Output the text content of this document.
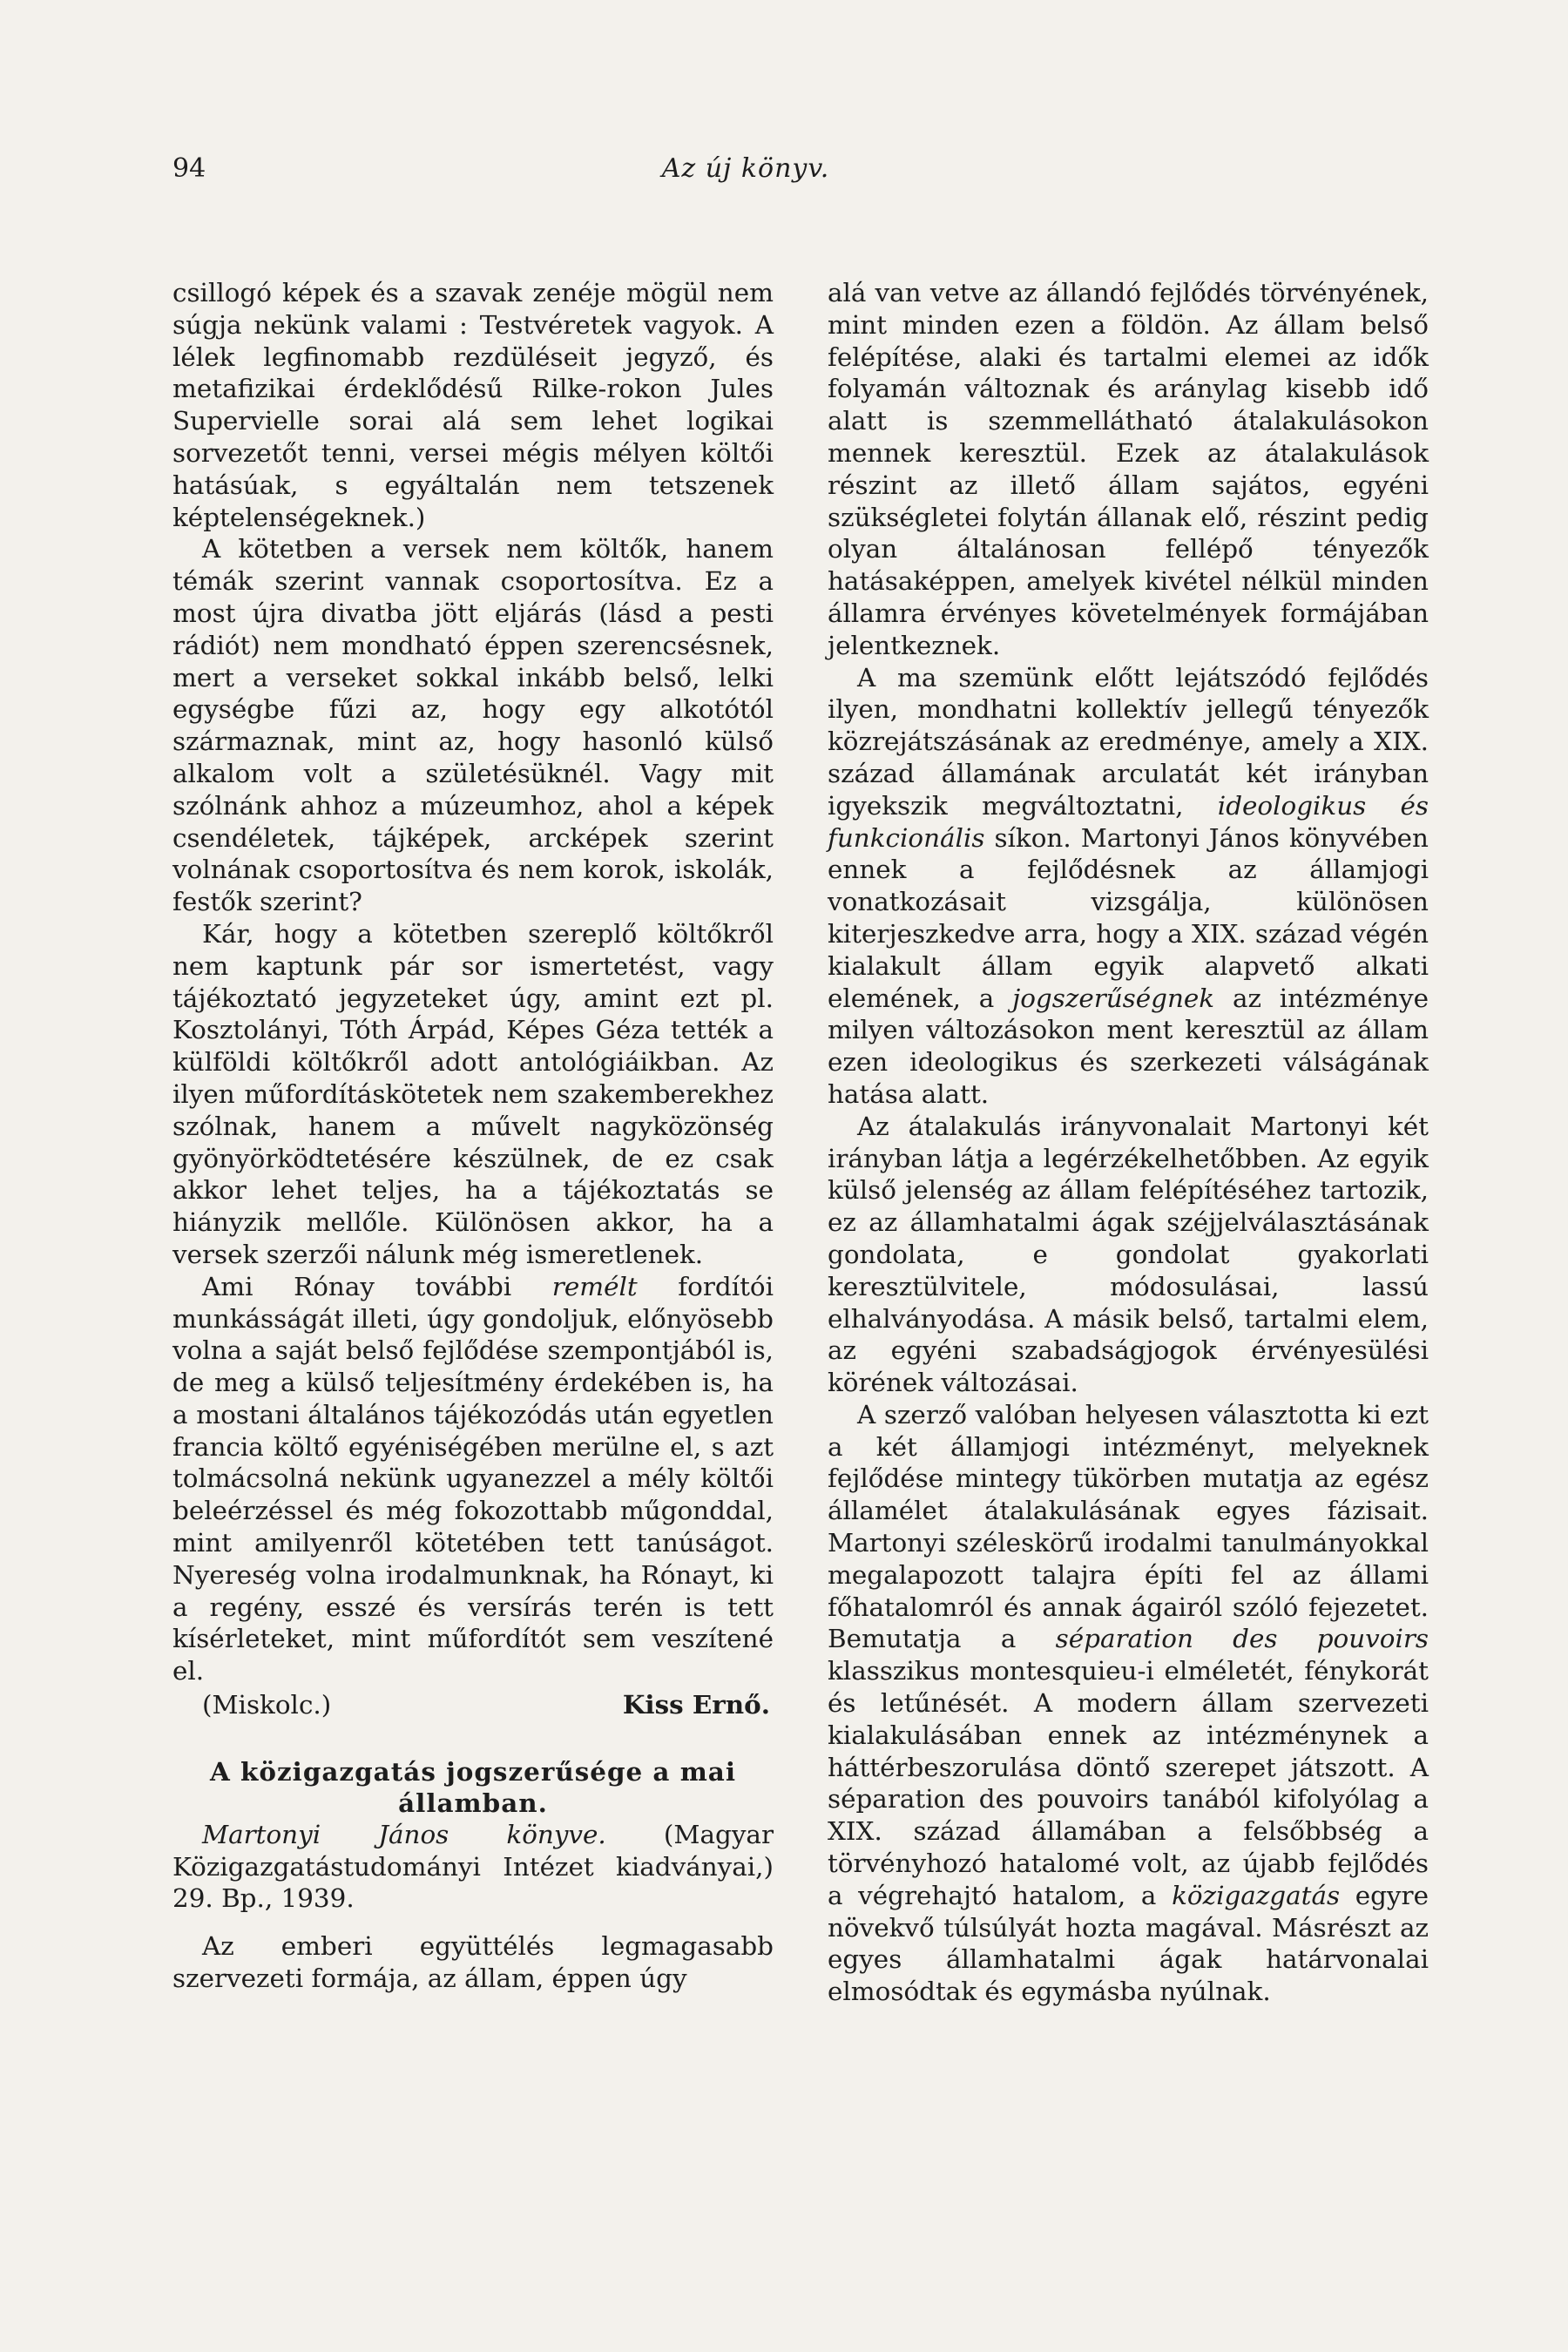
94	Az új könyv.

csillogó képek és a szavak zenéje mögül nem súgja nekünk valami : Testvéretek vagyok. A lélek legfinomabb rezdüléseit jegyző, és metafizikai érdeklődésű Rilke-rokon Jules Supervielle sorai alá sem lehet logikai sorvezetőt tenni, versei mégis mélyen költői hatásúak, s egyáltalán nem tetszenek képtelenségeknek.)

A kötetben a versek nem költők, hanem témák szerint vannak csoportosítva. Ez a most újra divatba jött eljárás (lásd a pesti rádiót) nem mondható éppen szerencsésnek, mert a verseket sokkal inkább belső, lelki egységbe fűzi az, hogy egy alkotótól származnak, mint az, hogy hasonló külső alkalom volt a születésüknél. Vagy mit szólnánk ahhoz a múzeumhoz, ahol a képek csendéletek, tájképek, arcképek szerint volnának csoportosítva és nem korok, iskolák, festők szerint?

Kár, hogy a kötetben szereplő költőkről nem kaptunk pár sor ismertetést, vagy tájékoztató jegyzeteket úgy, amint ezt pl. Kosztolányi, Tóth Árpád, Képes Géza tették a külföldi költőkről adott antológiáikban. Az ilyen műfordításkötetek nem szakemberekhez szólnak, hanem a művelt nagyközönség gyönyörködtetésére készülnek, de ez csak akkor lehet teljes, ha a tájékoztatás se hiányzik mellőle. Különösen akkor, ha a versek szerzői nálunk még ismeretlenek.

Ami Rónay további remélt fordítói munkásságát illeti, úgy gondoljuk, előnyösebb volna a saját belső fejlődése szempontjából is, de meg a külső teljesítmény érdekében is, ha a mostani általános tájékozódás után egyetlen francia költő egyéniségében merülne el, s azt tolmácsolná nekünk ugyanezzel a mély költői beleérzéssel és még fokozottabb műgonddal, mint amilyenről kötetében tett tanúságot. Nyereség volna irodalmunknak, ha Rónayt, ki a regény, esszé és versírás terén is tett kísérleteket, mint műfordítót sem veszítené el.

(Miskolc.)	Kiss Ernő.
A közigazgatás jogszerűsége a mai államban.

Martonyi János könyve. (Magyar Közigazgatástudományi Intézet kiadványai,) 29. Bp., 1939.

Az emberi együttélés legmagasabb szervezeti formája, az állam, éppen úgy

alá van vetve az állandó fejlődés törvényének, mint minden ezen a földön. Az állam belső felépítése, alaki és tartalmi elemei az idők folyamán változnak és aránylag kisebb idő alatt is szemmellátható átalakulásokon mennek keresztül. Ezek az átalakulások részint az illető állam sajátos, egyéni szükségletei folytán állanak elő, részint pedig olyan általánosan fellépő tényezők hatásaképpen, amelyek kivétel nélkül minden államra érvényes követelmények formájában jelentkeznek.

A ma szemünk előtt lejátszódó fejlődés ilyen, mondhatni kollektív jellegű tényezők közrejátszásának az eredménye, amely a XIX. század államának arculatát két irányban igyekszik megváltoztatni, ideologikus és funkcionális síkon. Martonyi János könyvében ennek a fejlődésnek az államjogi vonatkozásait vizsgálja, különösen kiterjeszkedve arra, hogy a XIX. század végén kialakult állam egyik alapvető alkati elemének, a jogszerűségnek az intézménye milyen változásokon ment keresztül az állam ezen ideologikus és szerkezeti válságának hatása alatt.

Az átalakulás irányvonalait Martonyi két irányban látja a legérzékelhetőbben. Az egyik külső jelenség az állam felépítéséhez tartozik, ez az államhatalmi ágak széjjelválasztásának gondolata, e gondolat gyakorlati keresztülvitele, módosulásai, lassú elhalványodása. A másik belső, tartalmi elem, az egyéni szabadságjogok érvényesülési körének változásai.

A szerző valóban helyesen választotta ki ezt a két államjogi intézményt, melyeknek fejlődése mintegy tükörben mutatja az egész államélet átalakulásának egyes fázisait. Martonyi széleskörű irodalmi tanulmányokkal megalapozott talajra építi fel az állami főhatalomról és annak ágairól szóló fejezetet. Bemutatja a séparation des pouvoirs klasszikus montesquieu-i elméletét, fénykorát és letűnését. A modern állam szervezeti kialakulásában ennek az intézménynek a háttérbeszorulása döntő szerepet játszott. A séparation des pouvoirs tanából kifolyólag a XIX. század államában a felsőbbség a törvényhozó hatalomé volt, az újabb fejlődés a végrehajtó hatalom, a közigazgatás egyre növekvő túlsúlyát hozta magával. Másrészt az egyes államhatalmi ágak határvonalai elmosódtak és egymásba nyúlnak.
